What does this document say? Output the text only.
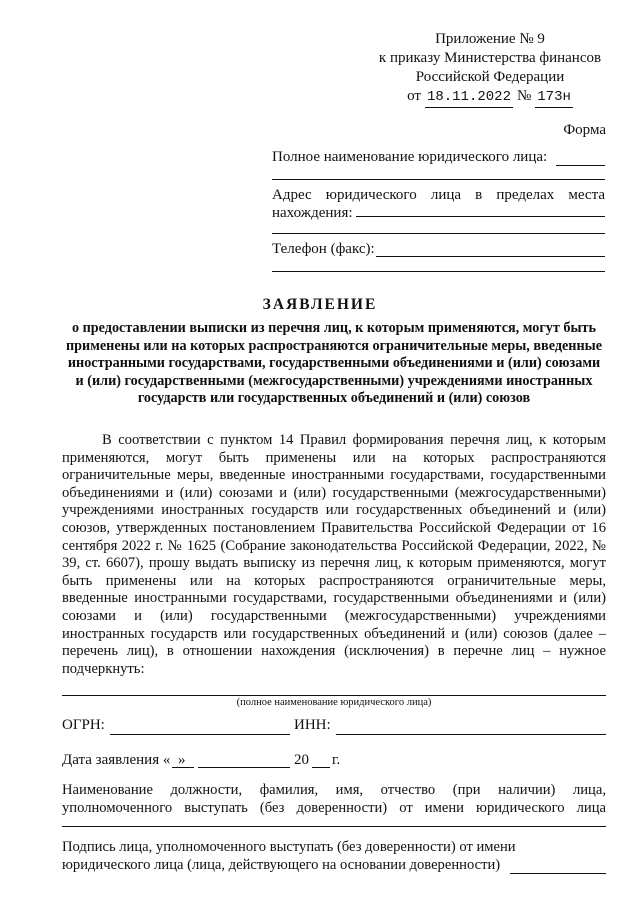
Приложение № 9
к приказу Министерства финансов
Российской Федерации
от 18.11.2022 № 173н
Форма
Полное наименование юридического лица:
Адрес юридического лица в пределах места
нахождения:
Телефон (факс):
ЗАЯВЛЕНИЕ
о предоставлении выписки из перечня лиц, к которым применяются, могут быть применены или на которых распространяются ограничительные меры, введенные иностранными государствами, государственными объединениями и (или) союзами и (или) государственными (межгосударственными) учреждениями иностранных государств или государственных объединений и (или) союзов
В соответствии с пунктом 14 Правил формирования перечня лиц, к которым применяются, могут быть применены или на которых распространяются ограничительные меры, введенные иностранными государствами, государственными объединениями и (или) союзами и (или) государственными (межгосударственными) учреждениями иностранных государств или государственных объединений и (или) союзов, утвержденных постановлением Правительства Российской Федерации от 16 сентября 2022 г. № 1625 (Собрание законодательства Российской Федерации, 2022, № 39, ст. 6607), прошу выдать выписку из перечня лиц, к которым применяются, могут быть применены или на которых распространяются ограничительные меры, введенные иностранными государствами, государственными объединениями и (или) союзами и (или) государственными (межгосударственными) учреждениями иностранных государств или государственных объединений и (или) союзов (далее – перечень лиц), в отношении нахождения (исключения) в перечне лиц – нужное подчеркнуть:
(полное наименование юридического лица)
ОГРН:	ИНН:
Дата заявления « »	20 г.
Наименование должности, фамилия, имя, отчество (при наличии) лица,
уполномоченного выступать (без доверенности) от имени юридического лица
Подпись лица, уполномоченного выступать (без доверенности) от имени
юридического лица (лица, действующего на основании доверенности)
